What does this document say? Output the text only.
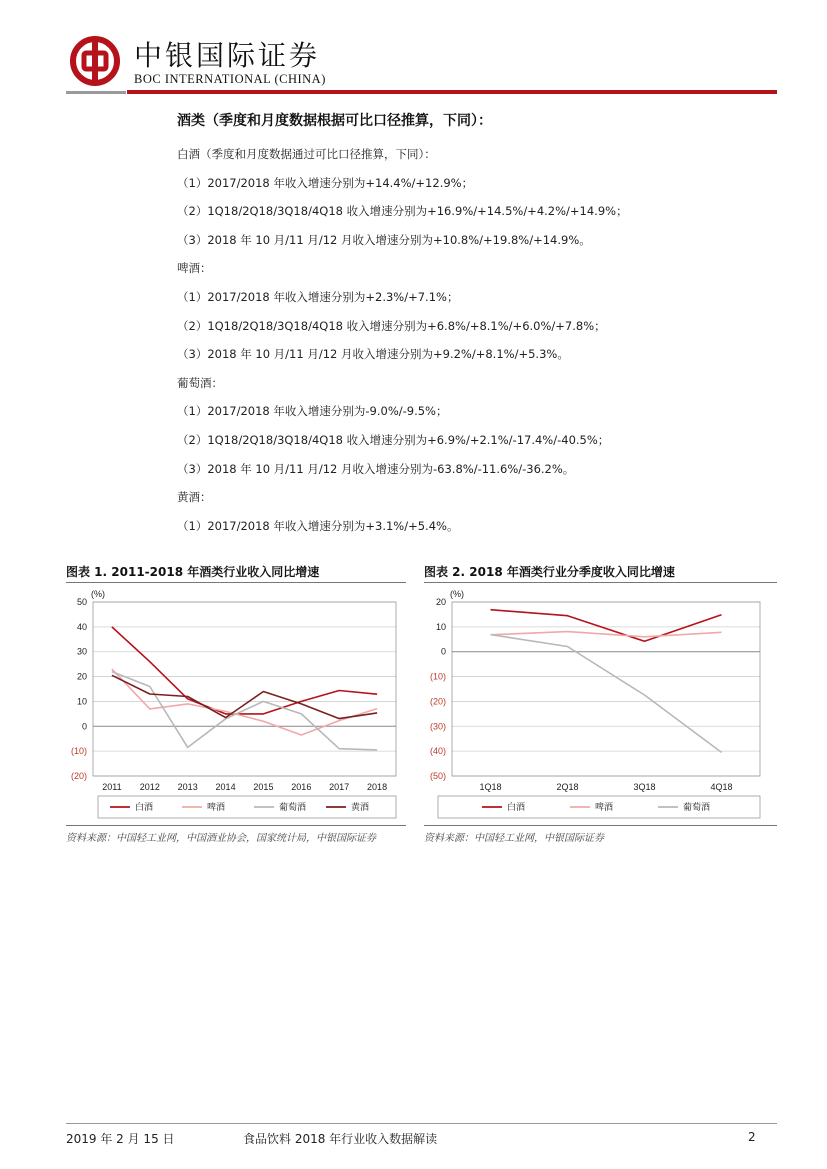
中银国际证券
BOC INTERNATIONAL (CHINA)
酒类（季度和月度数据根据可比口径推算，下同）：
白酒（季度和月度数据通过可比口径推算，下同）：
（1）2017/2018 年收入增速分别为+14.4%/+12.9%；
（2）1Q18/2Q18/3Q18/4Q18 收入增速分别为+16.9%/+14.5%/+4.2%/+14.9%；
（3）2018 年 10 月/11 月/12 月收入增速分别为+10.8%/+19.8%/+14.9%。
啤酒：
（1）2017/2018 年收入增速分别为+2.3%/+7.1%；
（2）1Q18/2Q18/3Q18/4Q18 收入增速分别为+6.8%/+8.1%/+6.0%/+7.8%；
（3）2018 年 10 月/11 月/12 月收入增速分别为+9.2%/+8.1%/+5.3%。
葡萄酒：
（1）2017/2018 年收入增速分别为-9.0%/-9.5%；
（2）1Q18/2Q18/3Q18/4Q18 收入增速分别为+6.9%/+2.1%/-17.4%/-40.5%；
（3）2018 年 10 月/11 月/12 月收入增速分别为-63.8%/-11.6%/-36.2%。
黄酒：
（1）2017/2018 年收入增速分别为+3.1%/+5.4%。
图表 1. 2011-2018 年酒类行业收入同比增速
(%)
50
40
30
20
10
0
(10)
(20)
2011 2012 2013 2014 2015 2016 2017 2018
白酒	啤酒	葡萄酒	黄酒
资料来源：中国轻工业网，中国酒业协会，国家统计局，中银国际证券
图表 2. 2018 年酒类行业分季度收入同比增速
(%)
20
10
0
(10)
(20)
(30)
(40)
(50)
1Q18	2Q18	3Q18	4Q18
白酒	啤酒	葡萄酒
资料来源：中国轻工业网，中银国际证券
2019 年 2 月 15 日	食品饮料 2018 年行业收入数据解读	2
